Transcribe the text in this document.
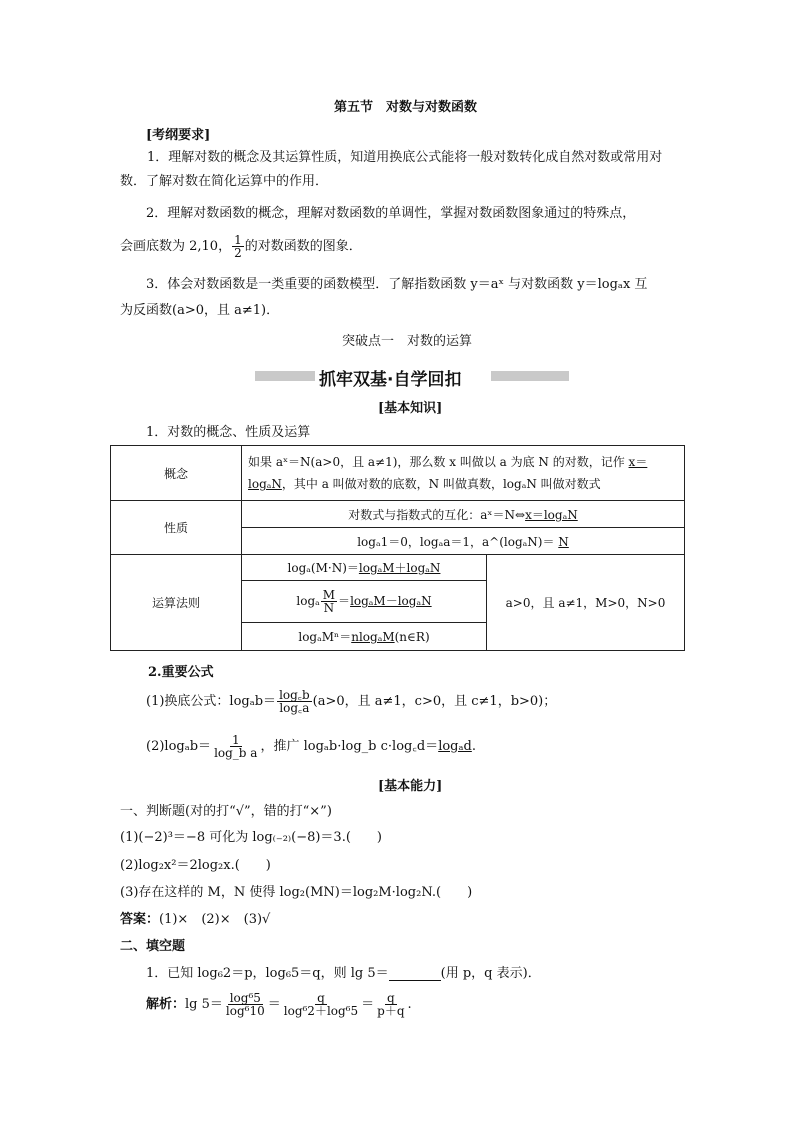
第五节　对数与对数函数
[考纲要求]
1．理解对数的概念及其运算性质，知道用换底公式能将一般对数转化成自然对数或常用对数．了解对数在简化运算中的作用．
2．理解对数函数的概念，理解对数函数的单调性，掌握对数函数图象通过的特殊点，
会画底数为 2,10， $\frac{1}{2}$ 的对数函数的图象．
3．体会对数函数是一类重要的函数模型．了解指数函数 y＝aˣ 与对数函数 y＝logₐx 互
为反函数(a>0，且 a≠1)．
突破点一　对数的运算
抓牢双基·自学回扣
[基本知识]
1．对数的概念、性质及运算
概念	如果 aˣ＝N(a>0，且 a≠1)，那么数 x 叫做以 a 为底 N 的对数，记作 x＝
logₐN，其中 a 叫做对数的底数，N 叫做真数，logₐN 叫做对数式	
性质	对数式与指数式的互化：aˣ＝N⇔x＝logₐN	
	logₐ1＝0，logₐa＝1，a^(logₐN)＝ N	
运算法则	logₐ(M·N)＝logₐM＋logₐN	a>0，且 a≠1，M>0，N>0
	logₐ $\frac{M}{N} =\log_aM-\log_aN$	
	logₐMⁿ＝nlogₐM(n∈R)	
2.重要公式
(1)换底公式：$\log_ab= \frac{\log꜀b}{\log꜀a} (a>0$，且 a≠1，c>0，且 c≠1，b>0)；
$(2)\log_ab= \frac{1}{\text{log\_b a}}$ ，推广 logₐb·log_b c·log꜀d＝logₐd.
[基本能力]
一、判断题(对的打“√”，错的打“×”)
(1)(−2)³＝−8 可化为 log₍₋₂₎(−8)＝3.(　　)
(2)log₂x²＝2log₂x.(　　)
(3)存在这样的 M，N 使得 log₂(MN)＝log₂M·log₂N.(　　)
答案：(1)×　(2)×　(3)√
二、填空题
1．已知 log₆2＝p，log₆5＝q，则 lg 5＝	(用 p，q 表示)．
解析：$\lg 5= \frac{\text{log⁶5}}{\text{log⁶10}} = \frac{q}{\text{log⁶2＋log⁶5}} = \frac{q}{p+q}$ .
